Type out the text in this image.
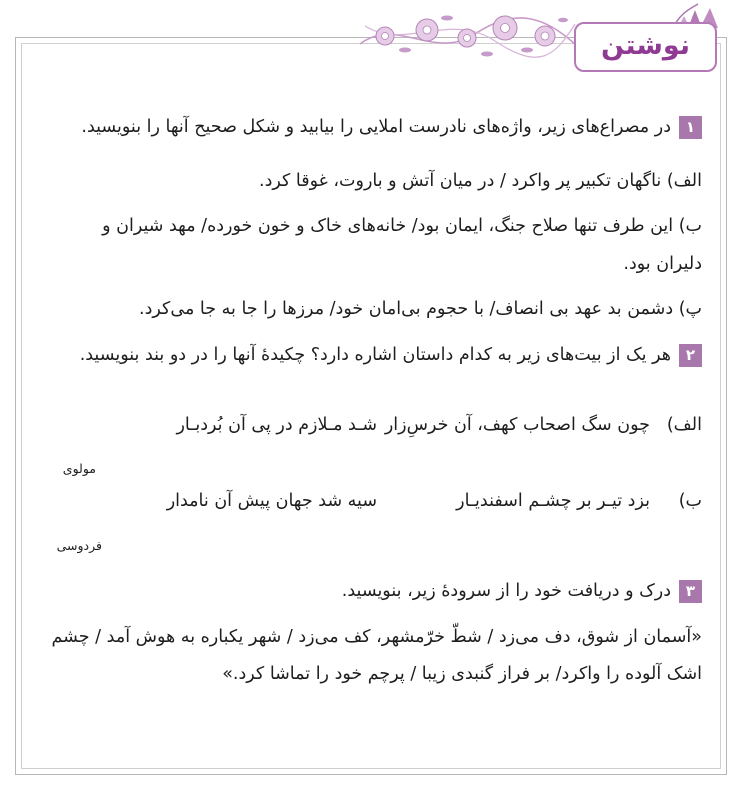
نوشتن
۱در مصراع‌های زیر، واژه‌های نادرست املایی را بیابید و شکل صحیح آنها را بنویسید.
الف) ناگهان تکبیر پر واکرد / در میان آتش و باروت، غوقا کرد.
ب) این طرف تنها صلاح جنگ، ایمان بود/ خانه‌های خاک و خون خورده/ مهد شیران و
دلیران بود.
پ) دشمن بد عهد بی انصاف/ با حجوم بی‌امان خود/ مرزها را جا به جا می‌کرد.
۲هر یک از بیت‌های زیر به کدام داستان اشاره دارد؟ چکیدهٔ آنها را در دو بند بنویسید.
الف)
چون سگ اصحاب کهف، آن خرسِ‌زار
شـد مـلازم در پی آن بُردبـار
مولوی
ب)
بزد تیـر بر چشـم اسفندیـار
سیه شد جهان پیش آن نامدار
فردوسی
۳درک و دریافت خود را از سرودهٔ زیر، بنویسید.
«آسمان از شوق، دف می‌زد / شطّ خرّمشهر، کف می‌زد / شهر یکباره به هوش آمد / چشم
اشک آلوده را واکرد/ بر فراز گنبدی زیبا / پرچم خود را تماشا کرد.»
